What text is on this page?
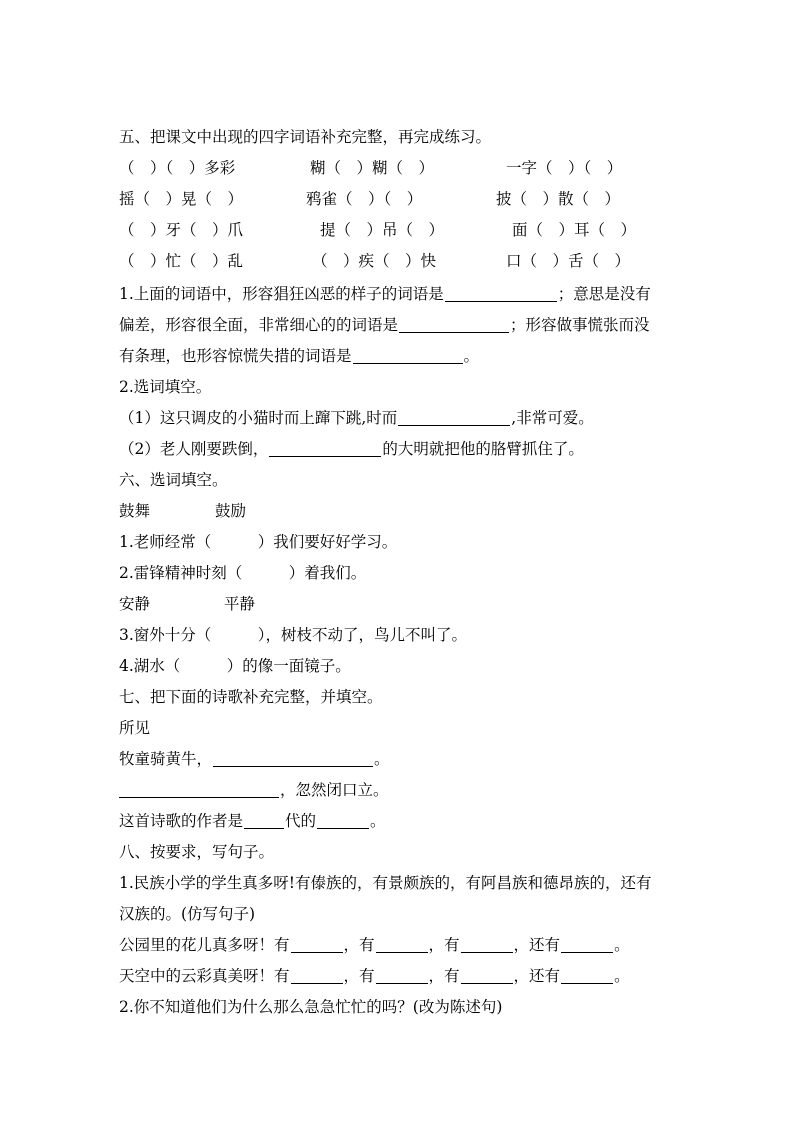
五、把课文中出现的四字词语补充完整，再完成练习。

（　）（　）多彩	糊（　）糊（　）	一字（　）（　）
摇（　）晃（　）	鸦雀（　）（　）	披（　）散（　）
（　）牙（　）爪	提（　）吊（　）	面（　）耳（　）
（　）忙（　）乱	（　）疾（　）快	口（　）舌（　）

1.上面的词语中，形容猖狂凶恶的样子的词语是	；意思是没有

偏差，形容很全面，非常细心的的词语是	；形容做事慌张而没

有条理，也形容惊慌失措的词语是	。

2.选词填空。

（1）这只调皮的小猫时而上蹿下跳,时而	,非常可爱。

（2）老人刚要跌倒，	的大明就把他的胳臂抓住了。

六、选词填空。

鼓舞	鼓励

1.老师经常（　　　）我们要好好学习。

2.雷锋精神时刻（　　　）着我们。

安静	平静

3.窗外十分（　　　），树枝不动了，鸟儿不叫了。

4.湖水（　　　）的像一面镜子。

七、把下面的诗歌补充完整，并填空。

所见

牧童骑黄牛，	。

，忽然闭口立。

这首诗歌的作者是	代的	。

八、按要求，写句子。

1.民族小学的学生真多呀!有傣族的，有景颇族的，有阿昌族和德昂族的，还有

汉族的。(仿写句子)

公园里的花儿真多呀！有	，有	，有	，还有	。

天空中的云彩真美呀！有	，有	，有	，还有	。

2.你不知道他们为什么那么急急忙忙的吗？(改为陈述句)
